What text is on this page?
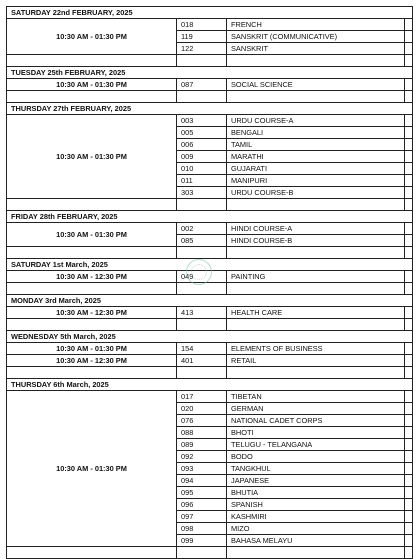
SATURDAY 22nd FEBRUARY, 2025			
10:30 AM - 01:30 PM	018	FRENCH	
	119	SANSKRIT (COMMUNICATIVE)	
	122	SANSKRIT	

TUESDAY 25th FEBRUARY, 2025			
10:30 AM - 01:30 PM	087	SOCIAL SCIENCE	

THURSDAY 27th FEBRUARY, 2025			
10:30 AM - 01:30 PM	003	URDU COURSE-A	
	005	BENGALI	
	006	TAMIL	
	009	MARATHI	
	010	GUJARATI	
	011	MANIPURI	
	303	URDU COURSE-B	

FRIDAY 28th FEBRUARY, 2025			
10:30 AM - 01:30 PM	002	HINDI COURSE-A	
	085	HINDI COURSE-B	

SATURDAY 1st March, 2025			
10:30 AM - 12:30 PM	049	PAINTING	

MONDAY 3rd March, 2025			
10:30 AM - 12:30 PM	413	HEALTH CARE	

WEDNESDAY 5th March, 2025			
10:30 AM - 01:30 PM	154	ELEMENTS OF BUSINESS	
10:30 AM - 12:30 PM	401	RETAIL	

THURSDAY 6th March, 2025			
10:30 AM - 01:30 PM	017	TIBETAN	
	020	GERMAN	
	076	NATIONAL CADET CORPS	
	088	BHOTI	
	089	TELUGU - TELANGANA	
	092	BODO	
	093	TANGKHUL	
	094	JAPANESE	
	095	BHUTIA	
	096	SPANISH	
	097	KASHMIRI	
	098	MIZO	
	099	BAHASA MELAYU	
